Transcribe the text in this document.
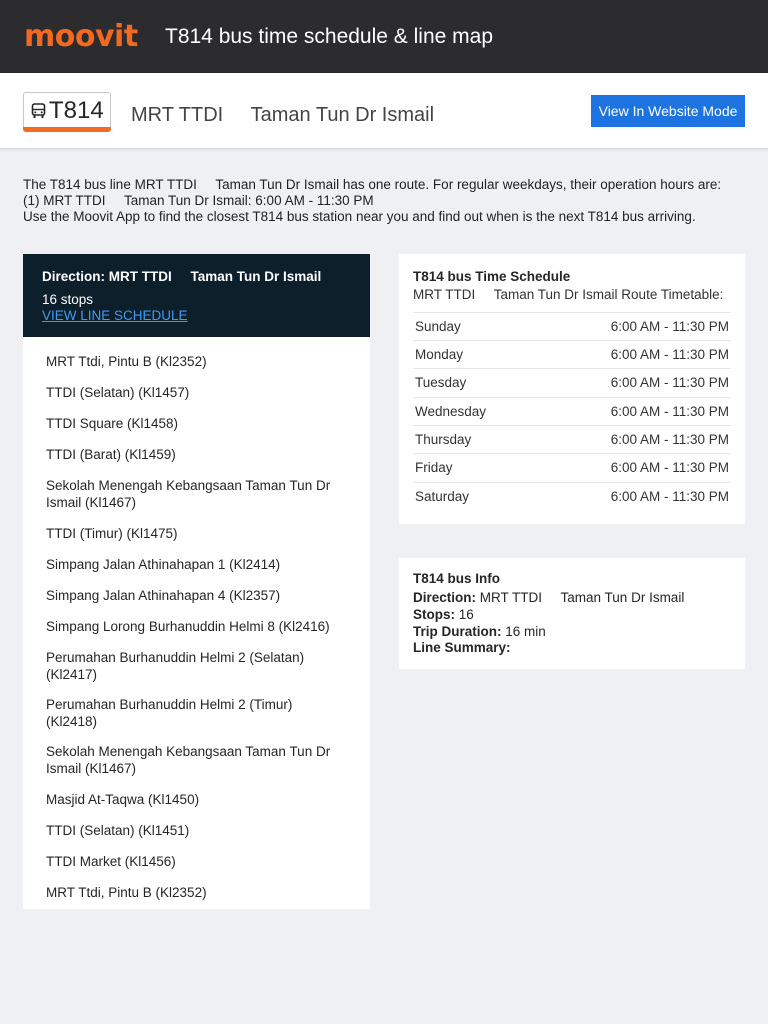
moovit T814 bus time schedule & line map
T814 MRT TTDI     Taman Tun Dr Ismail	View In Website Mode

The T814 bus line MRT TTDI     Taman Tun Dr Ismail has one route. For regular weekdays, their operation hours are:

(1) MRT TTDI     Taman Tun Dr Ismail: 6:00 AM - 11:30 PM

Use the Moovit App to find the closest T814 bus station near you and find out when is the next T814 bus arriving.

Direction: MRT TTDI     Taman Tun Dr Ismail
16 stops
VIEW LINE SCHEDULE
MRT Ttdi, Pintu B (Kl2352)
TTDI (Selatan) (Kl1457)
TTDI Square (Kl1458)
TTDI (Barat) (Kl1459)
Sekolah Menengah Kebangsaan Taman Tun Dr Ismail (Kl1467)
TTDI (Timur) (Kl1475)
Simpang Jalan Athinahapan 1 (Kl2414)
Simpang Jalan Athinahapan 4 (Kl2357)
Simpang Lorong Burhanuddin Helmi 8 (Kl2416)
Perumahan Burhanuddin Helmi 2 (Selatan) (Kl2417)
Perumahan Burhanuddin Helmi 2 (Timur) (Kl2418)
Sekolah Menengah Kebangsaan Taman Tun Dr Ismail (Kl1467)
Masjid At-Taqwa (Kl1450)
TTDI (Selatan) (Kl1451)
TTDI Market (Kl1456)
MRT Ttdi, Pintu B (Kl2352)
T814 bus Time Schedule
MRT TTDI     Taman Tun Dr Ismail Route Timetable:
Sunday	6:00 AM - 11:30 PM
Monday	6:00 AM - 11:30 PM
Tuesday	6:00 AM - 11:30 PM
Wednesday	6:00 AM - 11:30 PM
Thursday	6:00 AM - 11:30 PM
Friday	6:00 AM - 11:30 PM
Saturday	6:00 AM - 11:30 PM
T814 bus Info
Direction: MRT TTDI     Taman Tun Dr Ismail
Stops: 16
Trip Duration: 16 min
Line Summary:
